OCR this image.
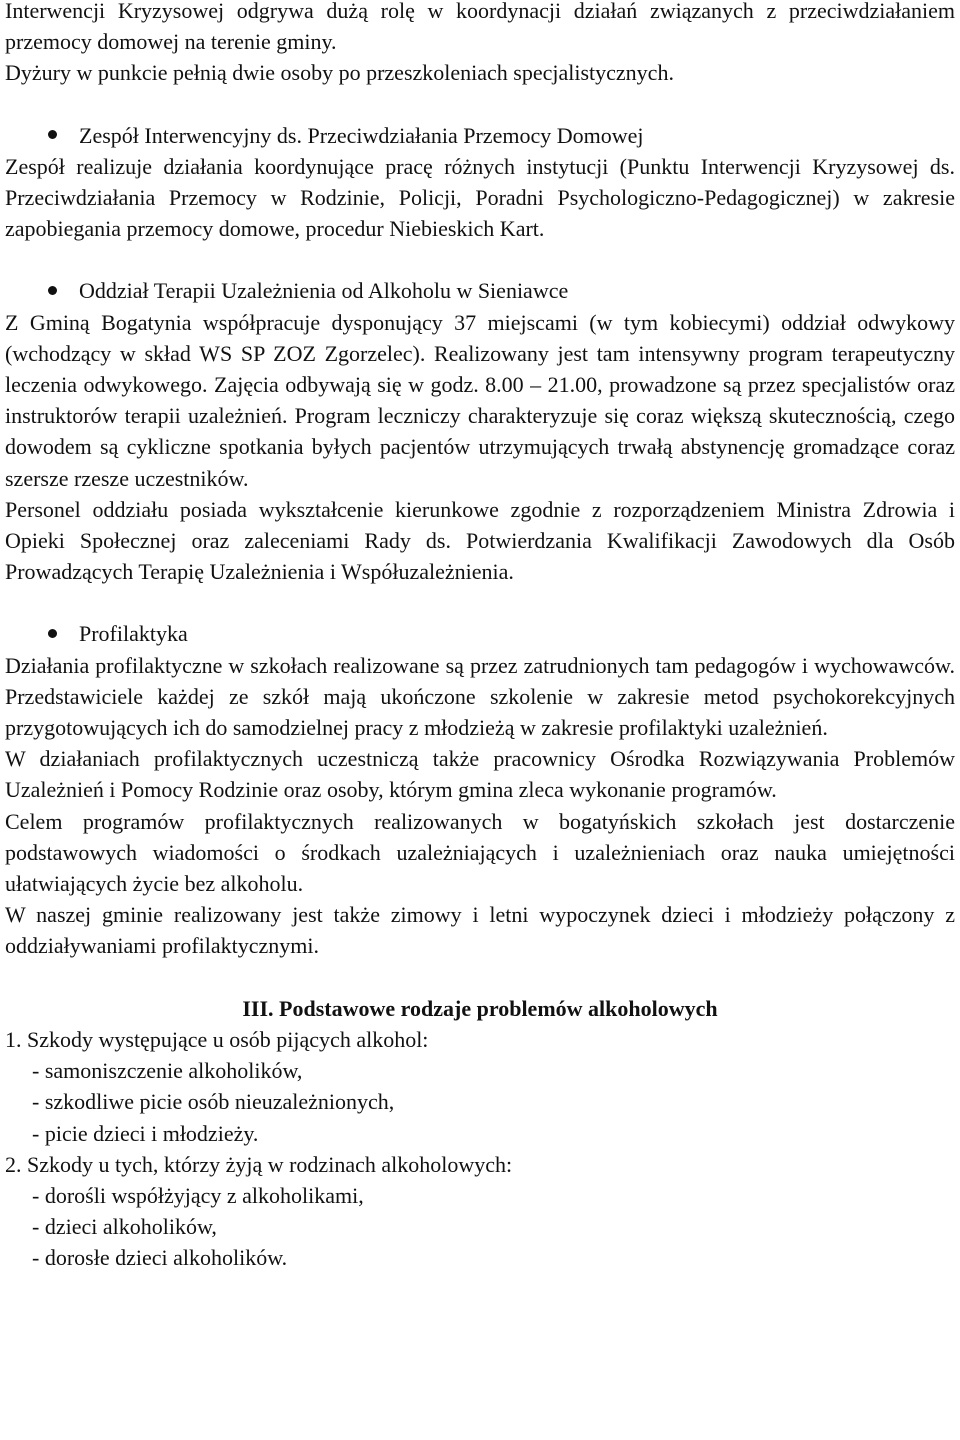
Interwencji Kryzysowej odgrywa dużą rolę w koordynacji działań związanych z przeciwdziałaniem przemocy domowej na terenie gminy.

Dyżury w punkcie pełnią dwie osoby po przeszkoleniach specjalistycznych.

Zespół Interwencyjny ds. Przeciwdziałania Przemocy Domowej

Zespół realizuje działania koordynujące pracę różnych instytucji (Punktu Interwencji Kryzysowej ds. Przeciwdziałania Przemocy w Rodzinie, Policji, Poradni Psychologiczno-Pedagogicznej) w zakresie zapobiegania przemocy domowe, procedur Niebieskich Kart.

Oddział Terapii Uzależnienia od Alkoholu w Sieniawce

Z Gminą Bogatynia współpracuje dysponujący 37 miejscami (w tym kobiecymi) oddział odwykowy (wchodzący w skład WS SP ZOZ Zgorzelec). Realizowany jest tam intensywny program terapeutyczny leczenia odwykowego. Zajęcia odbywają się w godz. 8.00 – 21.00, prowadzone są przez specjalistów oraz instruktorów terapii uzależnień. Program leczniczy charakteryzuje się coraz większą skutecznością, czego dowodem są cykliczne spotkania byłych pacjentów utrzymujących trwałą abstynencję gromadzące coraz szersze rzesze uczestników.

Personel oddziału posiada wykształcenie kierunkowe zgodnie z rozporządzeniem Ministra Zdrowia i Opieki Społecznej oraz zaleceniami Rady ds. Potwierdzania Kwalifikacji Zawodowych dla Osób Prowadzących Terapię Uzależnienia i Współuzależnienia.

Profilaktyka

Działania profilaktyczne w szkołach realizowane są przez zatrudnionych tam pedagogów i wychowawców. Przedstawiciele każdej ze szkół mają ukończone szkolenie w zakresie metod psychokorekcyjnych przygotowujących ich do samodzielnej pracy z młodzieżą w zakresie profilaktyki uzależnień.

W działaniach profilaktycznych uczestniczą także pracownicy Ośrodka Rozwiązywania Problemów Uzależnień i Pomocy Rodzinie oraz osoby, którym gmina zleca wykonanie programów.

Celem programów profilaktycznych realizowanych w bogatyńskich szkołach jest dostarczenie podstawowych wiadomości o środkach uzależniających i uzależnieniach oraz nauka umiejętności ułatwiających życie bez alkoholu.

W naszej gminie realizowany jest także zimowy i letni wypoczynek dzieci i młodzieży połączony z oddziaływaniami profilaktycznymi.

III. Podstawowe rodzaje problemów alkoholowych

1. Szkody występujące u osób pijących alkohol:

- samoniszczenie alkoholików,

- szkodliwe picie osób nieuzależnionych,

- picie dzieci i młodzieży.

2. Szkody u tych, którzy żyją w rodzinach alkoholowych:

- dorośli współżyjący z alkoholikami,

- dzieci alkoholików,

- dorosłe dzieci alkoholików.
